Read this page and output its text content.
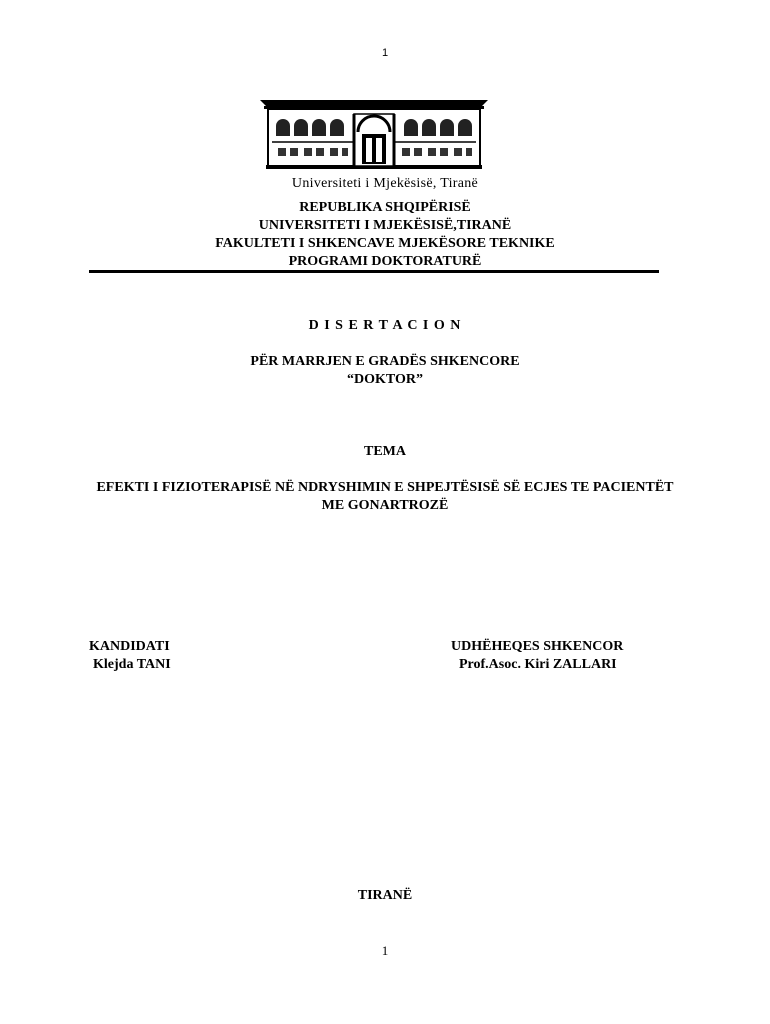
1
Universiteti i Mjekësisë, Tiranë
REPUBLIKA SHQIPËRISË
UNIVERSITETI I MJEKËSISË,TIRANË
FAKULTETI I SHKENCAVE MJEKËSORE TEKNIKE
PROGRAMI DOKTORATURË
D I S E R T A C I O N
PËR MARRJEN E GRADËS SHKENCORE
“DOKTOR”
TEMA
EFEKTI I FIZIOTERAPISË NË NDRYSHIMIN E SHPEJTËSISË SË ECJES TE PACIENTËT ME GONARTROZË
KANDIDATI
Klejda TANI
UDHËHEQES SHKENCOR
Prof.Asoc. Kiri ZALLARI
TIRANË
1
